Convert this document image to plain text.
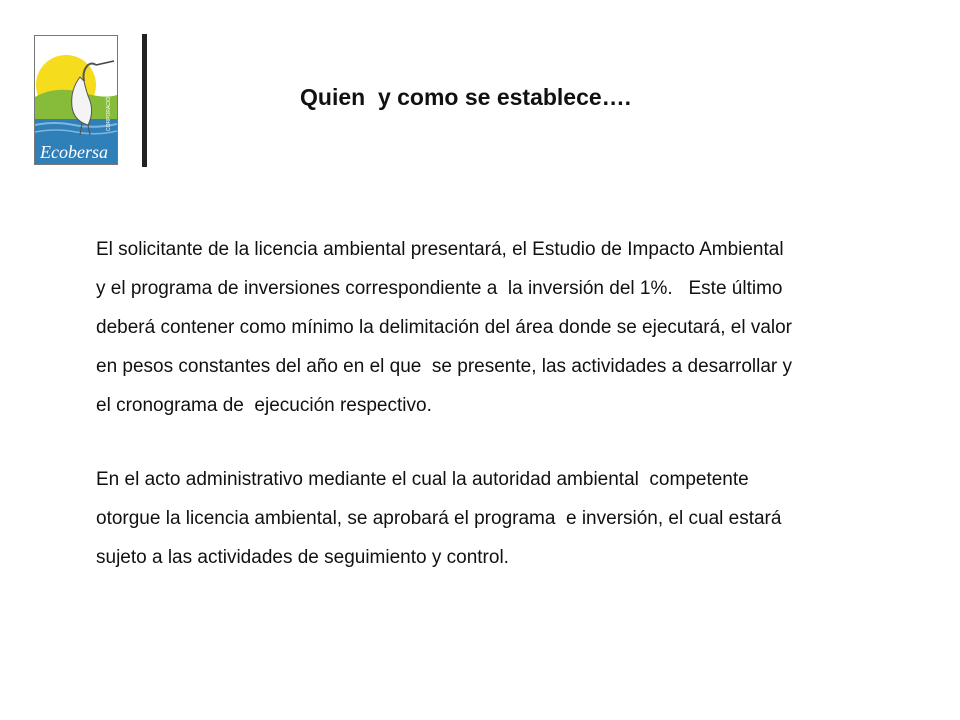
CORPORACIÓN
Ecobersa
Quien  y como se establece….

El solicitante de la licencia ambiental presentará, el Estudio de Impacto Ambiental
y el programa de inversiones correspondiente a  la inversión del 1%.   Este último
deberá contener como mínimo la delimitación del área donde se ejecutará, el valor
en pesos constantes del año en el que  se presente, las actividades a desarrollar y
el cronograma de  ejecución respectivo.

En el acto administrativo mediante el cual la autoridad ambiental  competente
otorgue la licencia ambiental, se aprobará el programa  e inversión, el cual estará
sujeto a las actividades de seguimiento y control.
